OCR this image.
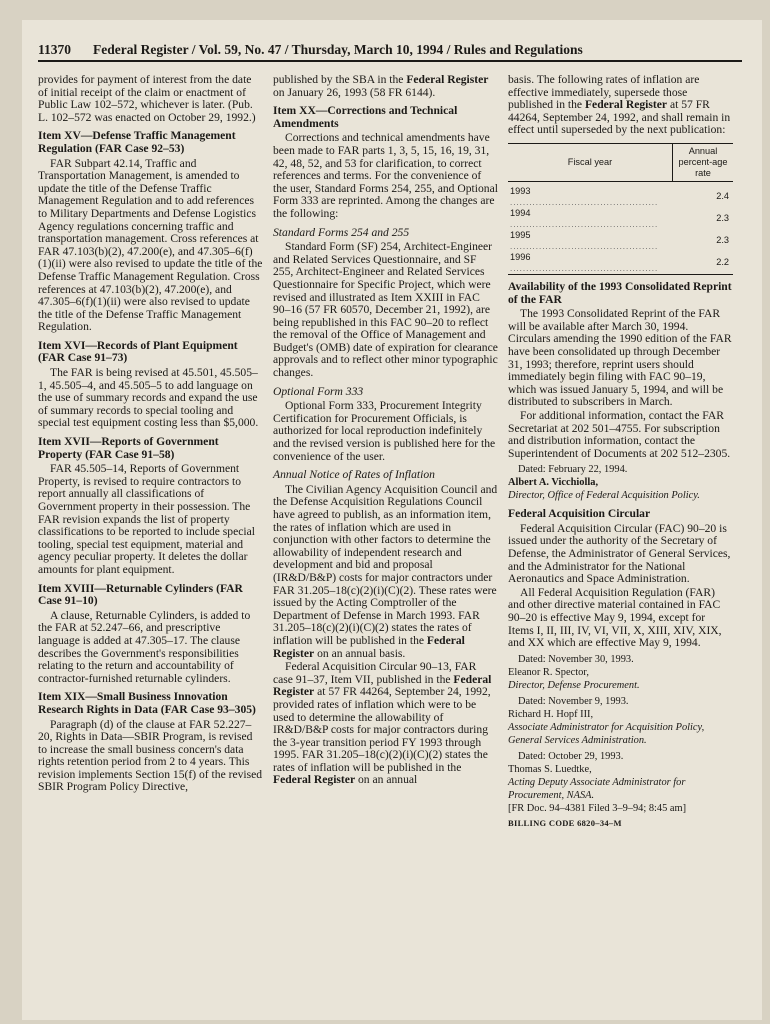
11370 Federal Register / Vol. 59, No. 47 / Thursday, March 10, 1994 / Rules and Regulations

provides for payment of interest from the date of initial receipt of the claim or enactment of Public Law 102–572, whichever is later. (Pub. L. 102–572 was enacted on October 29, 1992.)

Item XV—Defense Traffic Management Regulation (FAR Case 92–53)

FAR Subpart 42.14, Traffic and Transportation Management, is amended to update the title of the Defense Traffic Management Regulation and to add references to Military Departments and Defense Logistics Agency regulations concerning traffic and transportation management. Cross references at FAR 47.103(b)(2), 47.200(e), and 47.305–6(f)(1)(ii) were also revised to update the title of the Defense Traffic Management Regulation. Cross references at 47.103(b)(2), 47.200(e), and 47.305–6(f)(1)(ii) were also revised to update the title of the Defense Traffic Management Regulation.

Item XVI—Records of Plant Equipment (FAR Case 91–73)

The FAR is being revised at 45.501, 45.505–1, 45.505–4, and 45.505–5 to add language on the use of summary records and expand the use of summary records to special tooling and special test equipment costing less than $5,000.

Item XVII—Reports of Government Property (FAR Case 91–58)

FAR 45.505–14, Reports of Government Property, is revised to require contractors to report annually all classifications of Government property in their possession. The FAR revision expands the list of property classifications to be reported to include special tooling, special test equipment, material and agency peculiar property. It deletes the dollar amounts for plant equipment.

Item XVIII—Returnable Cylinders (FAR Case 91–10)

A clause, Returnable Cylinders, is added to the FAR at 52.247–66, and prescriptive language is added at 47.305–17. The clause describes the Government's responsibilities relating to the return and accountability of contractor-furnished returnable cylinders.

Item XIX—Small Business Innovation Research Rights in Data (FAR Case 93–305)

Paragraph (d) of the clause at FAR 52.227–20, Rights in Data—SBIR Program, is revised to increase the small business concern's data rights retention period from 2 to 4 years. This revision implements Section 15(f) of the revised SBIR Program Policy Directive,

published by the SBA in the Federal Register on January 26, 1993 (58 FR 6144).

Item XX—Corrections and Technical Amendments

Corrections and technical amendments have been made to FAR parts 1, 3, 5, 15, 16, 19, 31, 42, 48, 52, and 53 for clarification, to correct references and terms. For the convenience of the user, Standard Forms 254, 255, and Optional Form 333 are reprinted. Among the changes are the following:

Standard Forms 254 and 255

Standard Form (SF) 254, Architect-Engineer and Related Services Questionnaire, and SF 255, Architect-Engineer and Related Services Questionnaire for Specific Project, which were revised and illustrated as Item XXIII in FAC 90–16 (57 FR 60570, December 21, 1992), are being republished in this FAC 90–20 to reflect the removal of the Office of Management and Budget's (OMB) date of expiration for clearance approvals and to reflect other minor typographic changes.

Optional Form 333

Optional Form 333, Procurement Integrity Certification for Procurement Officials, is authorized for local reproduction indefinitely and the revised version is published here for the convenience of the user.

Annual Notice of Rates of Inflation

The Civilian Agency Acquisition Council and the Defense Acquisition Regulations Council have agreed to publish, as an information item, the rates of inflation which are used in conjunction with other factors to determine the allowability of independent research and development and bid and proposal (IR&D/B&P) costs for major contractors under FAR 31.205–18(c)(2)(i)(C)(2). These rates were issued by the Acting Comptroller of the Department of Defense in March 1993. FAR 31.205–18(c)(2)(i)(C)(2) states the rates of inflation will be published in the Federal Register on an annual basis.

Federal Acquisition Circular 90–13, FAR case 91–37, Item VII, published in the Federal Register at 57 FR 44264, September 24, 1992, provided rates of inflation which were to be used to determine the allowability of IR&D/B&P costs for major contractors during the 3-year transition period FY 1993 through 1995. FAR 31.205–18(c)(2)(i)(C)(2) states the rates of inflation will be published in the Federal Register on an annual

basis. The following rates of inflation are effective immediately, supersede those published in the Federal Register at 57 FR 44264, September 24, 1992, and shall remain in effect until superseded by the next publication:

Fiscal year	Annual percent-age rate
1993 ..............................................	2.4
1994 ..............................................	2.3
1995 ..............................................	2.3
1996 ..............................................	2.2
Availability of the 1993 Consolidated Reprint of the FAR

The 1993 Consolidated Reprint of the FAR will be available after March 30, 1994. Circulars amending the 1990 edition of the FAR have been consolidated up through December 31, 1993; therefore, reprint users should immediately begin filing with FAC 90–19, which was issued January 5, 1994, and will be distributed to subscribers in March.

For additional information, contact the FAR Secretariat at 202 501–4755. For subscription and distribution information, contact the Superintendent of Documents at 202 512–2305.

Dated: February 22, 1994.

Albert A. Vicchiolla,

Director, Office of Federal Acquisition Policy.

Federal Acquisition Circular

Federal Acquisition Circular (FAC) 90–20 is issued under the authority of the Secretary of Defense, the Administrator of General Services, and the Administrator for the National Aeronautics and Space Administration.

All Federal Acquisition Regulation (FAR) and other directive material contained in FAC 90–20 is effective May 9, 1994, except for Items I, II, III, IV, VI, VII, X, XIII, XIV, XIX, and XX which are effective May 9, 1994.

Dated: November 30, 1993.

Eleanor R. Spector,

Director, Defense Procurement.

Dated: November 9, 1993.

Richard H. Hopf III,

Associate Administrator for Acquisition Policy, General Services Administration.

Dated: October 29, 1993.

Thomas S. Luedtke,

Acting Deputy Associate Administrator for Procurement, NASA.

[FR Doc. 94–4381 Filed 3–9–94; 8:45 am]

BILLING CODE 6820–34–M
